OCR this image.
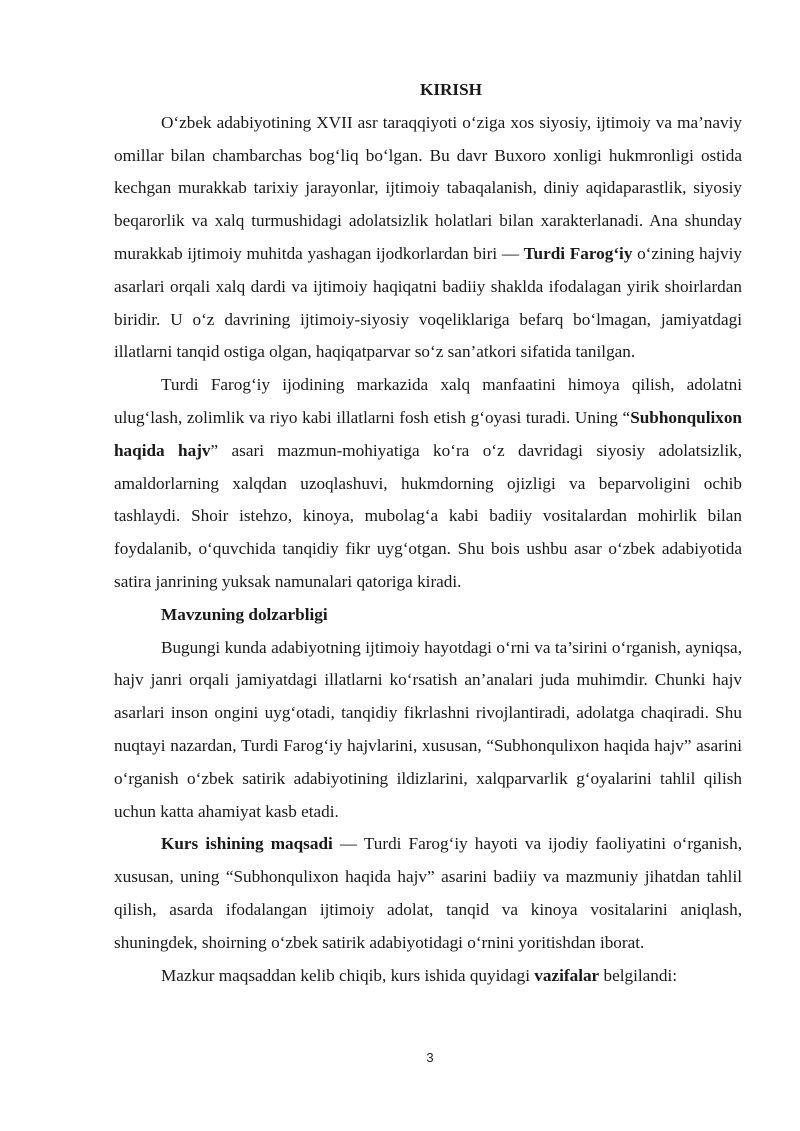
KIRISH

O‘zbek adabiyotining XVII asr taraqqiyoti o‘ziga xos siyosiy, ijtimoiy va ma’naviy omillar bilan chambarchas bog‘liq bo‘lgan. Bu davr Buxoro xonligi hukmronligi ostida kechgan murakkab tarixiy jarayonlar, ijtimoiy tabaqalanish, diniy aqidaparastlik, siyosiy beqarorlik va xalq turmushidagi adolatsizlik holatlari bilan xarakterlanadi. Ana shunday murakkab ijtimoiy muhitda yashagan ijodkorlardan biri — Turdi Farog‘iy o‘zining hajviy asarlari orqali xalq dardi va ijtimoiy haqiqatni badiiy shaklda ifodalagan yirik shoirlardan biridir. U o‘z davrining ijtimoiy-siyosiy voqeliklariga befarq bo‘lmagan, jamiyatdagi illatlarni tanqid ostiga olgan, haqiqatparvar so‘z san’atkori sifatida tanilgan.

Turdi Farog‘iy ijodining markazida xalq manfaatini himoya qilish, adolatni ulug‘lash, zolimlik va riyo kabi illatlarni fosh etish g‘oyasi turadi. Uning “Subhonqulixon haqida hajv” asari mazmun-mohiyatiga ko‘ra o‘z davridagi siyosiy adolatsizlik, amaldorlarning xalqdan uzoqlashuvi, hukmdorning ojizligi va beparvoligini ochib tashlaydi. Shoir istehzo, kinoya, mubolag‘a kabi badiiy vositalardan mohirlik bilan foydalanib, o‘quvchida tanqidiy fikr uyg‘otgan. Shu bois ushbu asar o‘zbek adabiyotida satira janrining yuksak namunalari qatoriga kiradi.

Mavzuning dolzarbligi

Bugungi kunda adabiyotning ijtimoiy hayotdagi o‘rni va ta’sirini o‘rganish, ayniqsa, hajv janri orqali jamiyatdagi illatlarni ko‘rsatish an’analari juda muhimdir. Chunki hajv asarlari inson ongini uyg‘otadi, tanqidiy fikrlashni rivojlantiradi, adolatga chaqiradi. Shu nuqtayi nazardan, Turdi Farog‘iy hajvlarini, xususan, “Subhonqulixon haqida hajv” asarini o‘rganish o‘zbek satirik adabiyotining ildizlarini, xalqparvarlik g‘oyalarini tahlil qilish uchun katta ahamiyat kasb etadi.

Kurs ishining maqsadi — Turdi Farog‘iy hayoti va ijodiy faoliyatini o‘rganish, xususan, uning “Subhonqulixon haqida hajv” asarini badiiy va mazmuniy jihatdan tahlil qilish, asarda ifodalangan ijtimoiy adolat, tanqid va kinoya vositalarini aniqlash, shuningdek, shoirning o‘zbek satirik adabiyotidagi o‘rnini yoritishdan iborat.

Mazkur maqsaddan kelib chiqib, kurs ishida quyidagi vazifalar belgilandi:

3
